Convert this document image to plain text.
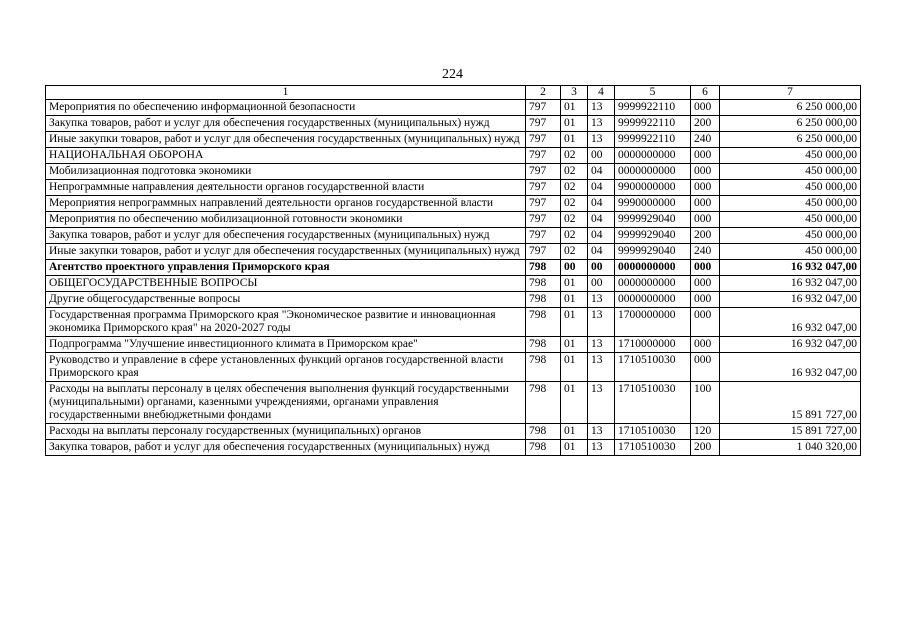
224
1	2	3	4	5	6	7
Мероприятия по обеспечению информационной безопасности	797	01	13	9999922110	000	6 250 000,00
Закупка товаров, работ и услуг для обеспечения государственных (муниципальных) нужд	797	01	13	9999922110	200	6 250 000,00
Иные закупки товаров, работ и услуг для обеспечения государственных (муниципальных) нужд	797	01	13	9999922110	240	6 250 000,00
НАЦИОНАЛЬНАЯ ОБОРОНА	797	02	00	0000000000	000	450 000,00
Мобилизационная подготовка экономики	797	02	04	0000000000	000	450 000,00
Непрограммные направления деятельности органов государственной власти	797	02	04	9900000000	000	450 000,00
Мероприятия непрограммных направлений деятельности органов государственной власти	797	02	04	9990000000	000	450 000,00
Мероприятия по обеспечению мобилизационной готовности экономики	797	02	04	9999929040	000	450 000,00
Закупка товаров, работ и услуг для обеспечения государственных (муниципальных) нужд	797	02	04	9999929040	200	450 000,00
Иные закупки товаров, работ и услуг для обеспечения государственных (муниципальных) нужд	797	02	04	9999929040	240	450 000,00
Агентство проектного управления Приморского края	798	00	00	0000000000	000	16 932 047,00
ОБЩЕГОСУДАРСТВЕННЫЕ ВОПРОСЫ	798	01	00	0000000000	000	16 932 047,00
Другие общегосударственные вопросы	798	01	13	0000000000	000	16 932 047,00
Государственная программа Приморского края "Экономическое развитие и инновационная экономика Приморского края" на 2020-2027 годы	798	01	13	1700000000	000	16 932 047,00
Подпрограмма "Улучшение инвестиционного климата в Приморском крае"	798	01	13	1710000000	000	16 932 047,00
Руководство и управление в сфере установленных функций органов государственной власти Приморского края	798	01	13	1710510030	000	16 932 047,00
Расходы на выплаты персоналу в целях обеспечения выполнения функций государственными (муниципальными) органами, казенными учреждениями, органами управления государственными внебюджетными фондами	798	01	13	1710510030	100	15 891 727,00
Расходы на выплаты персоналу государственных (муниципальных) органов	798	01	13	1710510030	120	15 891 727,00
Закупка товаров, работ и услуг для обеспечения государственных (муниципальных) нужд	798	01	13	1710510030	200	1 040 320,00
